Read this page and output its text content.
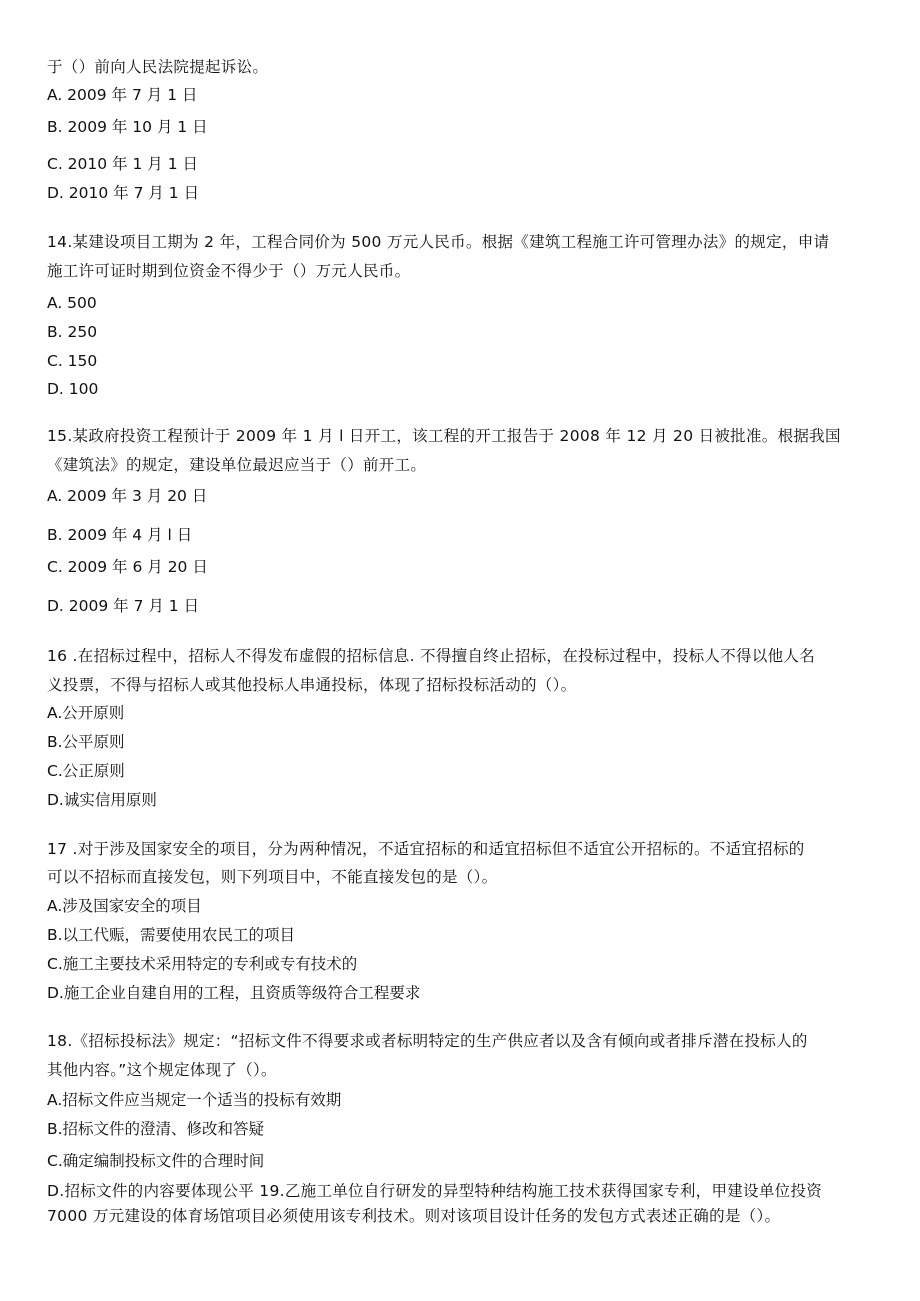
于（）前向人民法院提起诉讼。
A. 2009 年 7 月 1 日
B. 2009 年 10 月 1 日
C. 2010 年 1 月 1 日
D. 2010 年 7 月 1 日
14.某建设项目工期为 2 年，工程合同价为 500 万元人民币。根据《建筑工程施工许可管理办法》的规定，申请
施工许可证时期到位资金不得少于（）万元人民币。
A. 500
B. 250
C. 150
D. 100
15.某政府投资工程预计于 2009 年 1 月 l 日开工，该工程的开工报告于 2008 年 12 月 20 日被批准。根据我国
《建筑法》的规定，建设单位最迟应当于（）前开工。
A. 2009 年 3 月 20 日
B. 2009 年 4 月 l 日
C. 2009 年 6 月 20 日
D. 2009 年 7 月 1 日
16 .在招标过程中，招标人不得发布虚假的招标信息. 不得擅自终止招标，在投标过程中，投标人不得以他人名
义投票，不得与招标人或其他投标人串通投标，体现了招标投标活动的（）。
A.公开原则
B.公平原则
C.公正原则
D.诚实信用原则
17 .对于涉及国家安全的项目，分为两种情况，不适宜招标的和适宜招标但不适宜公开招标的。不适宜招标的
可以不招标而直接发包，则下列项目中，不能直接发包的是（）。
A.涉及国家安全的项目
B.以工代赈，需要使用农民工的项目
C.施工主要技术采用特定的专利或专有技术的
D.施工企业自建自用的工程，且资质等级符合工程要求
18.《招标投标法》规定：“招标文件不得要求或者标明特定的生产供应者以及含有倾向或者排斥潜在投标人的
其他内容。”这个规定体现了（）。
A.招标文件应当规定一个适当的投标有效期
B.招标文件的澄清、修改和答疑
C.确定编制投标文件的合理时间
D.招标文件的内容要体现公平 19.乙施工单位自行研发的异型特种结构施工技术获得国家专利，甲建设单位投资
7000 万元建设的体育场馆项目必须使用该专利技术。则对该项目设计任务的发包方式表述正确的是（）。
